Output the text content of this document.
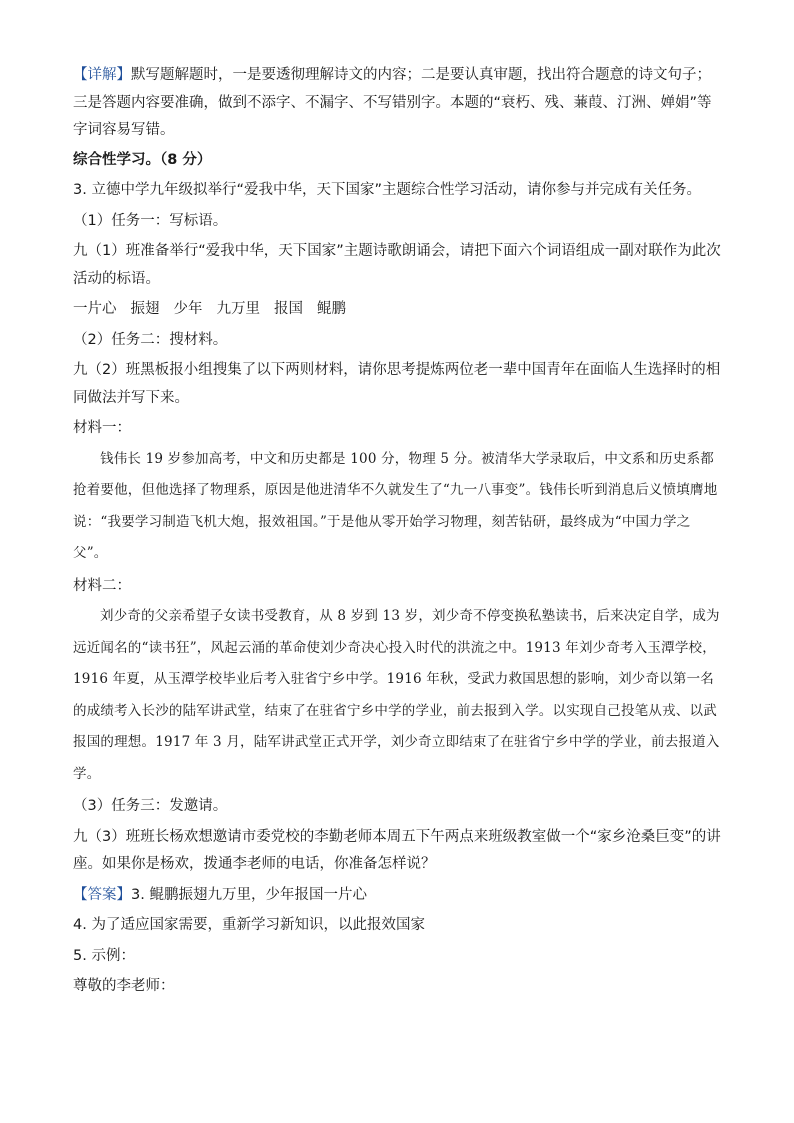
【详解】默写题解题时，一是要透彻理解诗文的内容；二是要认真审题，找出符合题意的诗文句子；三是答题内容要准确，做到不添字、不漏字、不写错别字。本题的“衰朽、残、蒹葭、汀洲、婵娟”等字词容易写错。

综合性学习。（8 分）

3. 立德中学九年级拟举行“爱我中华，天下国家”主题综合性学习活动，请你参与并完成有关任务。

（1）任务一：写标语。

九（1）班准备举行“爱我中华，天下国家”主题诗歌朗诵会，请把下面六个词语组成一副对联作为此次活动的标语。

一片心 振翅 少年 九万里 报国 鲲鹏

（2）任务二：搜材料。

九（2）班黑板报小组搜集了以下两则材料，请你思考提炼两位老一辈中国青年在面临人生选择时的相同做法并写下来。

材料一：

钱伟长 19 岁参加高考，中文和历史都是 100 分，物理 5 分。被清华大学录取后，中文系和历史系都抢着要他，但他选择了物理系，原因是他进清华不久就发生了“九一八事变”。钱伟长听到消息后义愤填膺地说：“我要学习制造飞机大炮，报效祖国。”于是他从零开始学习物理，刻苦钻研，最终成为“中国力学之父”。

材料二：

刘少奇的父亲希望子女读书受教育，从 8 岁到 13 岁，刘少奇不停变换私塾读书，后来决定自学，成为远近闻名的“读书狂”，风起云涌的革命使刘少奇决心投入时代的洪流之中。1913 年刘少奇考入玉潭学校，1916 年夏，从玉潭学校毕业后考入驻省宁乡中学。1916 年秋，受武力救国思想的影响，刘少奇以第一名的成绩考入长沙的陆军讲武堂，结束了在驻省宁乡中学的学业，前去报到入学。以实现自己投笔从戎、以武报国的理想。1917 年 3 月，陆军讲武堂正式开学，刘少奇立即结束了在驻省宁乡中学的学业，前去报道入学。

（3）任务三：发邀请。

九（3）班班长杨欢想邀请市委党校的李勤老师本周五下午两点来班级教室做一个“家乡沧桑巨变”的讲座。如果你是杨欢，拨通李老师的电话，你准备怎样说？

【答案】3. 鲲鹏振翅九万里，少年报国一片心

4. 为了适应国家需要，重新学习新知识，以此报效国家

5. 示例：

尊敬的李老师：
